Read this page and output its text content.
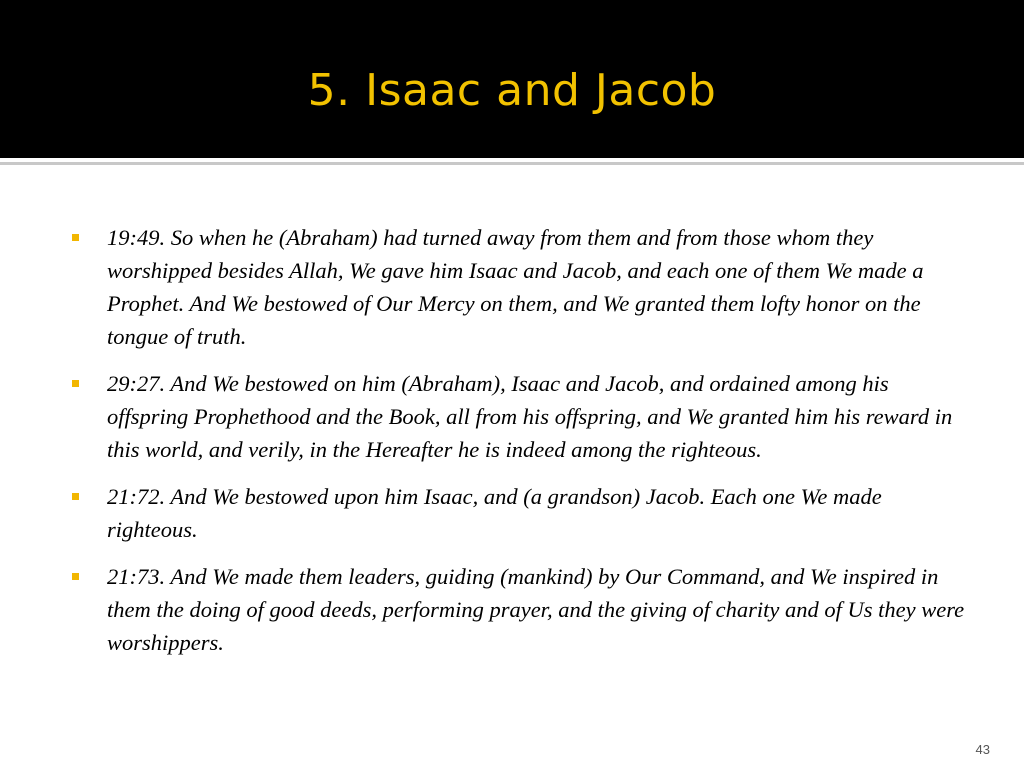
5. Isaac and Jacob
19:49. So when he (Abraham) had turned away from them and from those whom they worshipped besides Allah, We gave him Isaac and Jacob, and each one of them We made a Prophet. And We bestowed of Our Mercy on them, and We granted them lofty honor on the tongue of truth.
29:27. And We bestowed on him (Abraham), Isaac and Jacob, and ordained among his offspring Prophethood and the Book, all from his offspring, and We granted him his reward in this world, and verily, in the Hereafter he is indeed among the righteous.
21:72. And We bestowed upon him Isaac, and (a grandson) Jacob. Each one We made righteous.
21:73. And We made them leaders, guiding (mankind) by Our Command, and We inspired in them the doing of good deeds, performing prayer, and the giving of charity and of Us they were worshippers.
43
